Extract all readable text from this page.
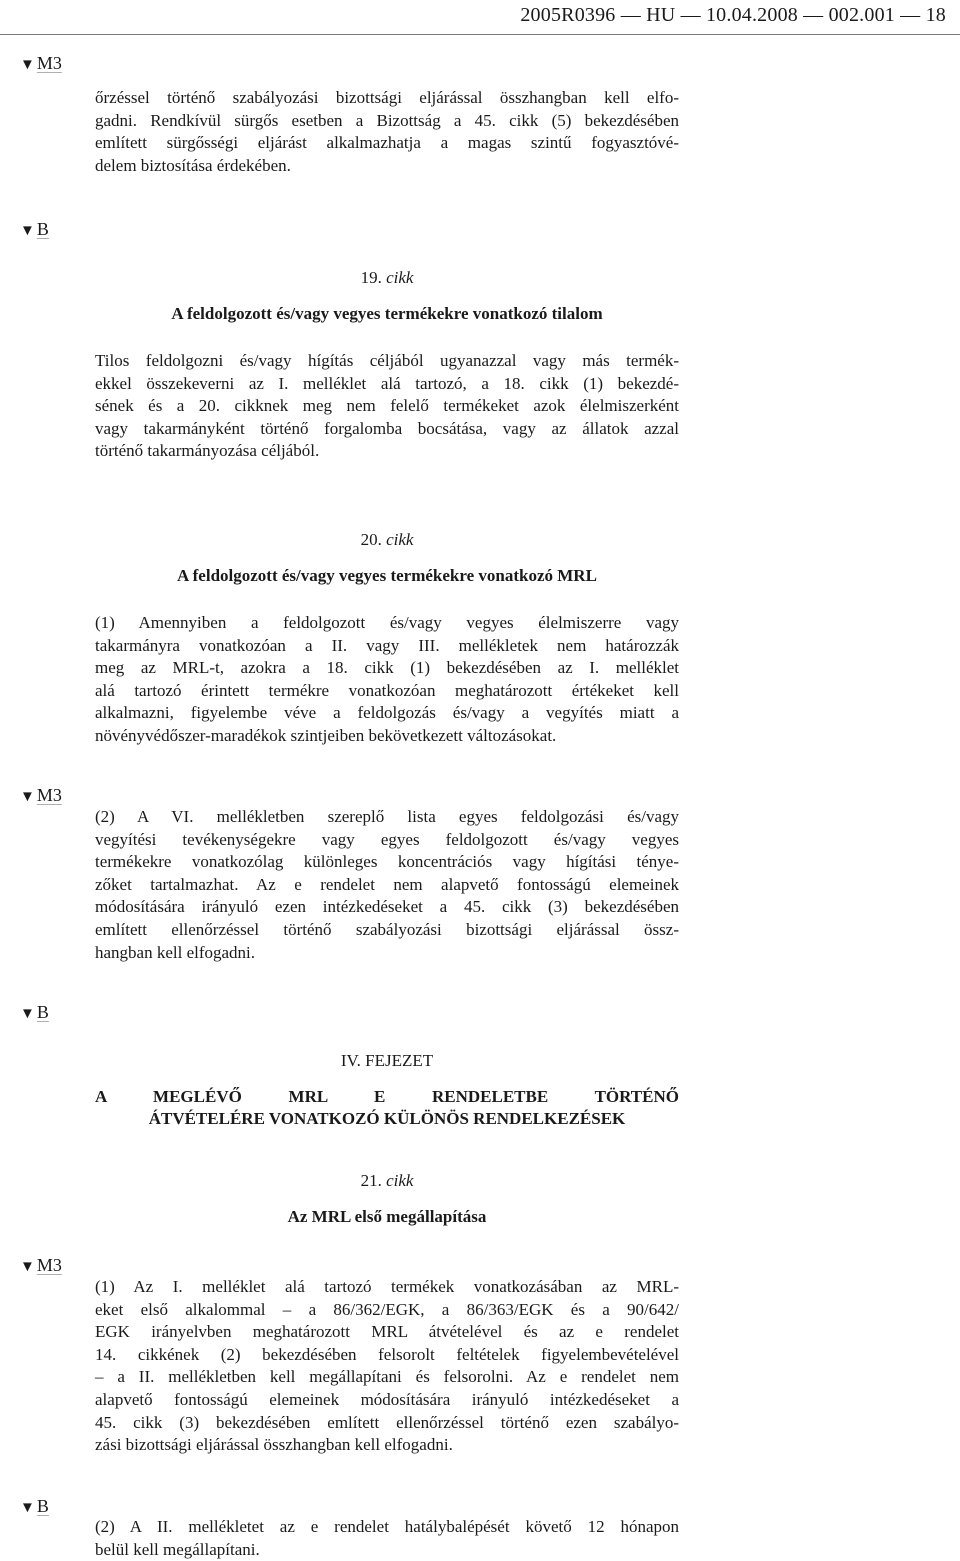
2005R0396 — HU — 10.04.2008 — 002.001 — 18
▼ M3
őrzéssel történő szabályozási bizottsági eljárással összhangban kell elfo-
gadni. Rendkívül sürgős esetben a Bizottság a 45. cikk (5) bekezdésében
említett sürgősségi eljárást alkalmazhatja a magas szintű fogyasztóvé-
delem biztosítása érdekében.
▼ B
19. cikk
A feldolgozott és/vagy vegyes termékekre vonatkozó tilalom
Tilos feldolgozni és/vagy hígítás céljából ugyanazzal vagy más termék-
ekkel összekeverni az I. melléklet alá tartozó, a 18. cikk (1) bekezdé-
sének és a 20. cikknek meg nem felelő termékeket azok élelmiszerként
vagy takarmányként történő forgalomba bocsátása, vagy az állatok azzal
történő takarmányozása céljából.
20. cikk
A feldolgozott és/vagy vegyes termékekre vonatkozó MRL
(1) Amennyiben a feldolgozott és/vagy vegyes élelmiszerre vagy
takarmányra vonatkozóan a II. vagy III. mellékletek nem határozzák
meg az MRL-t, azokra a 18. cikk (1) bekezdésében az I. melléklet
alá tartozó érintett termékre vonatkozóan meghatározott értékeket kell
alkalmazni, figyelembe véve a feldolgozás és/vagy a vegyítés miatt a
növényvédőszer-maradékok szintjeiben bekövetkezett változásokat.
▼ M3
(2) A VI. mellékletben szereplő lista egyes feldolgozási és/vagy
vegyítési tevékenységekre vagy egyes feldolgozott és/vagy vegyes
termékekre vonatkozólag különleges koncentrációs vagy hígítási ténye-
zőket tartalmazhat. Az e rendelet nem alapvető fontosságú elemeinek
módosítására irányuló ezen intézkedéseket a 45. cikk (3) bekezdésében
említett ellenőrzéssel történő szabályozási bizottsági eljárással össz-
hangban kell elfogadni.
▼ B
IV. FEJEZET
A MEGLÉVŐ MRL E RENDELETBE TÖRTÉNŐ
ÁTVÉTELÉRE VONATKOZÓ KÜLÖNÖS RENDELKEZÉSEK
21. cikk
Az MRL első megállapítása
▼ M3
(1) Az I. melléklet alá tartozó termékek vonatkozásában az MRL-
eket első alkalommal – a 86/362/EGK, a 86/363/EGK és a 90/642/
EGK irányelvben meghatározott MRL átvételével és az e rendelet
14. cikkének (2) bekezdésében felsorolt feltételek figyelembevételével
– a II. mellékletben kell megállapítani és felsorolni. Az e rendelet nem
alapvető fontosságú elemeinek módosítására irányuló intézkedéseket a
45. cikk (3) bekezdésében említett ellenőrzéssel történő ezen szabályo-
zási bizottsági eljárással összhangban kell elfogadni.
▼ B
(2) A II. mellékletet az e rendelet hatálybalépését követő 12 hónapon
belül kell megállapítani.
